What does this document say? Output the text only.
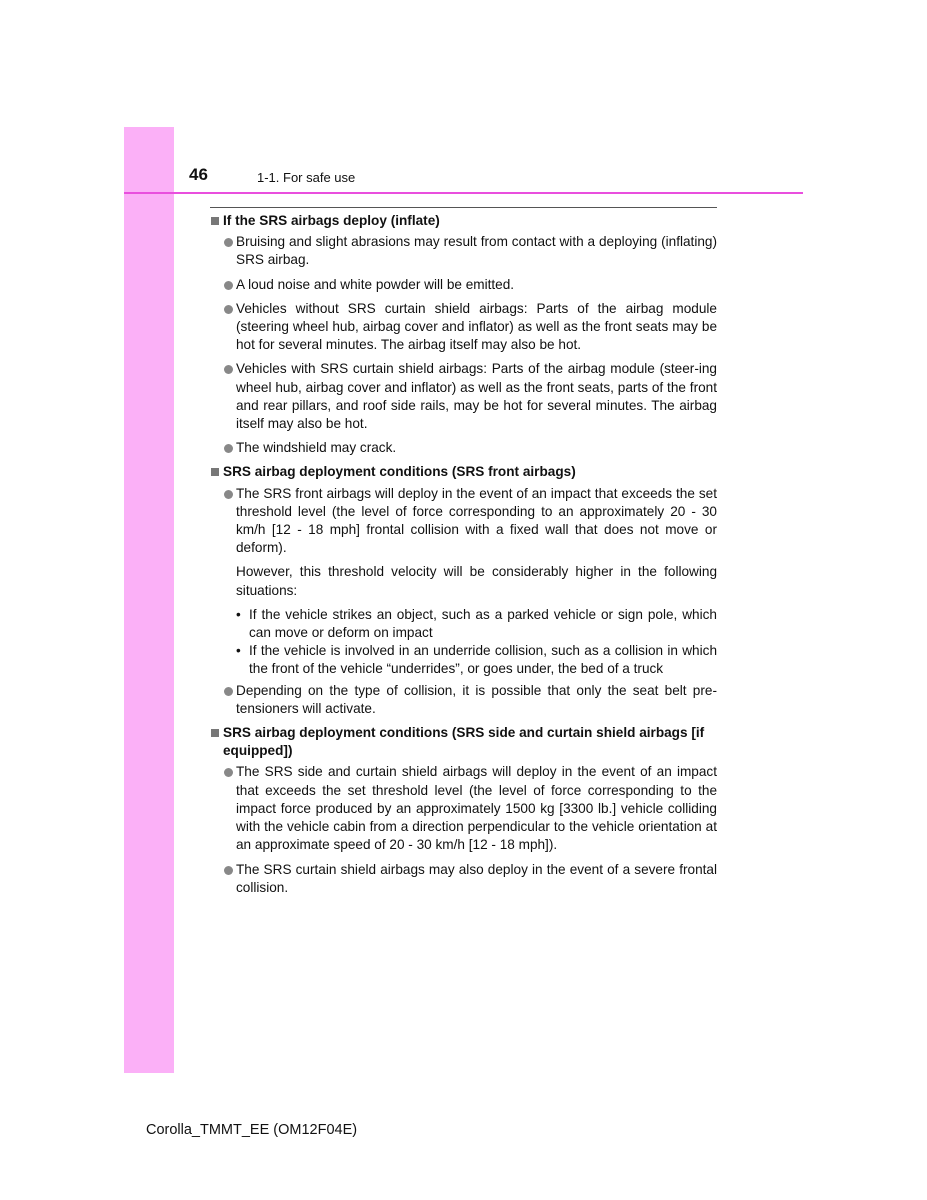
46	1-1. For safe use
If the SRS airbags deploy (inflate)
Bruising and slight abrasions may result from contact with a deploying (inflating) SRS airbag.
A loud noise and white powder will be emitted.
Vehicles without SRS curtain shield airbags: Parts of the airbag module (steering wheel hub, airbag cover and inflator) as well as the front seats may be hot for several minutes. The airbag itself may also be hot.
Vehicles with SRS curtain shield airbags: Parts of the airbag module (steer-ing wheel hub, airbag cover and inflator) as well as the front seats, parts of the front and rear pillars, and roof side rails, may be hot for several minutes. The airbag itself may also be hot.
The windshield may crack.
SRS airbag deployment conditions (SRS front airbags)
The SRS front airbags will deploy in the event of an impact that exceeds the set threshold level (the level of force corresponding to an approximately 20 - 30 km/h [12 - 18 mph] frontal collision with a fixed wall that does not move or deform).
However, this threshold velocity will be considerably higher in the following situations:
• If the vehicle strikes an object, such as a parked vehicle or sign pole, which can move or deform on impact
• If the vehicle is involved in an underride collision, such as a collision in which the front of the vehicle “underrides”, or goes under, the bed of a truck
Depending on the type of collision, it is possible that only the seat belt pre-tensioners will activate.
SRS airbag deployment conditions (SRS side and curtain shield airbags [if equipped])
The SRS side and curtain shield airbags will deploy in the event of an impact that exceeds the set threshold level (the level of force corresponding to the impact force produced by an approximately 1500 kg [3300 lb.] vehicle colliding with the vehicle cabin from a direction perpendicular to the vehicle orientation at an approximate speed of 20 - 30 km/h [12 - 18 mph]).
The SRS curtain shield airbags may also deploy in the event of a severe frontal collision.
Corolla_TMMT_EE (OM12F04E)
